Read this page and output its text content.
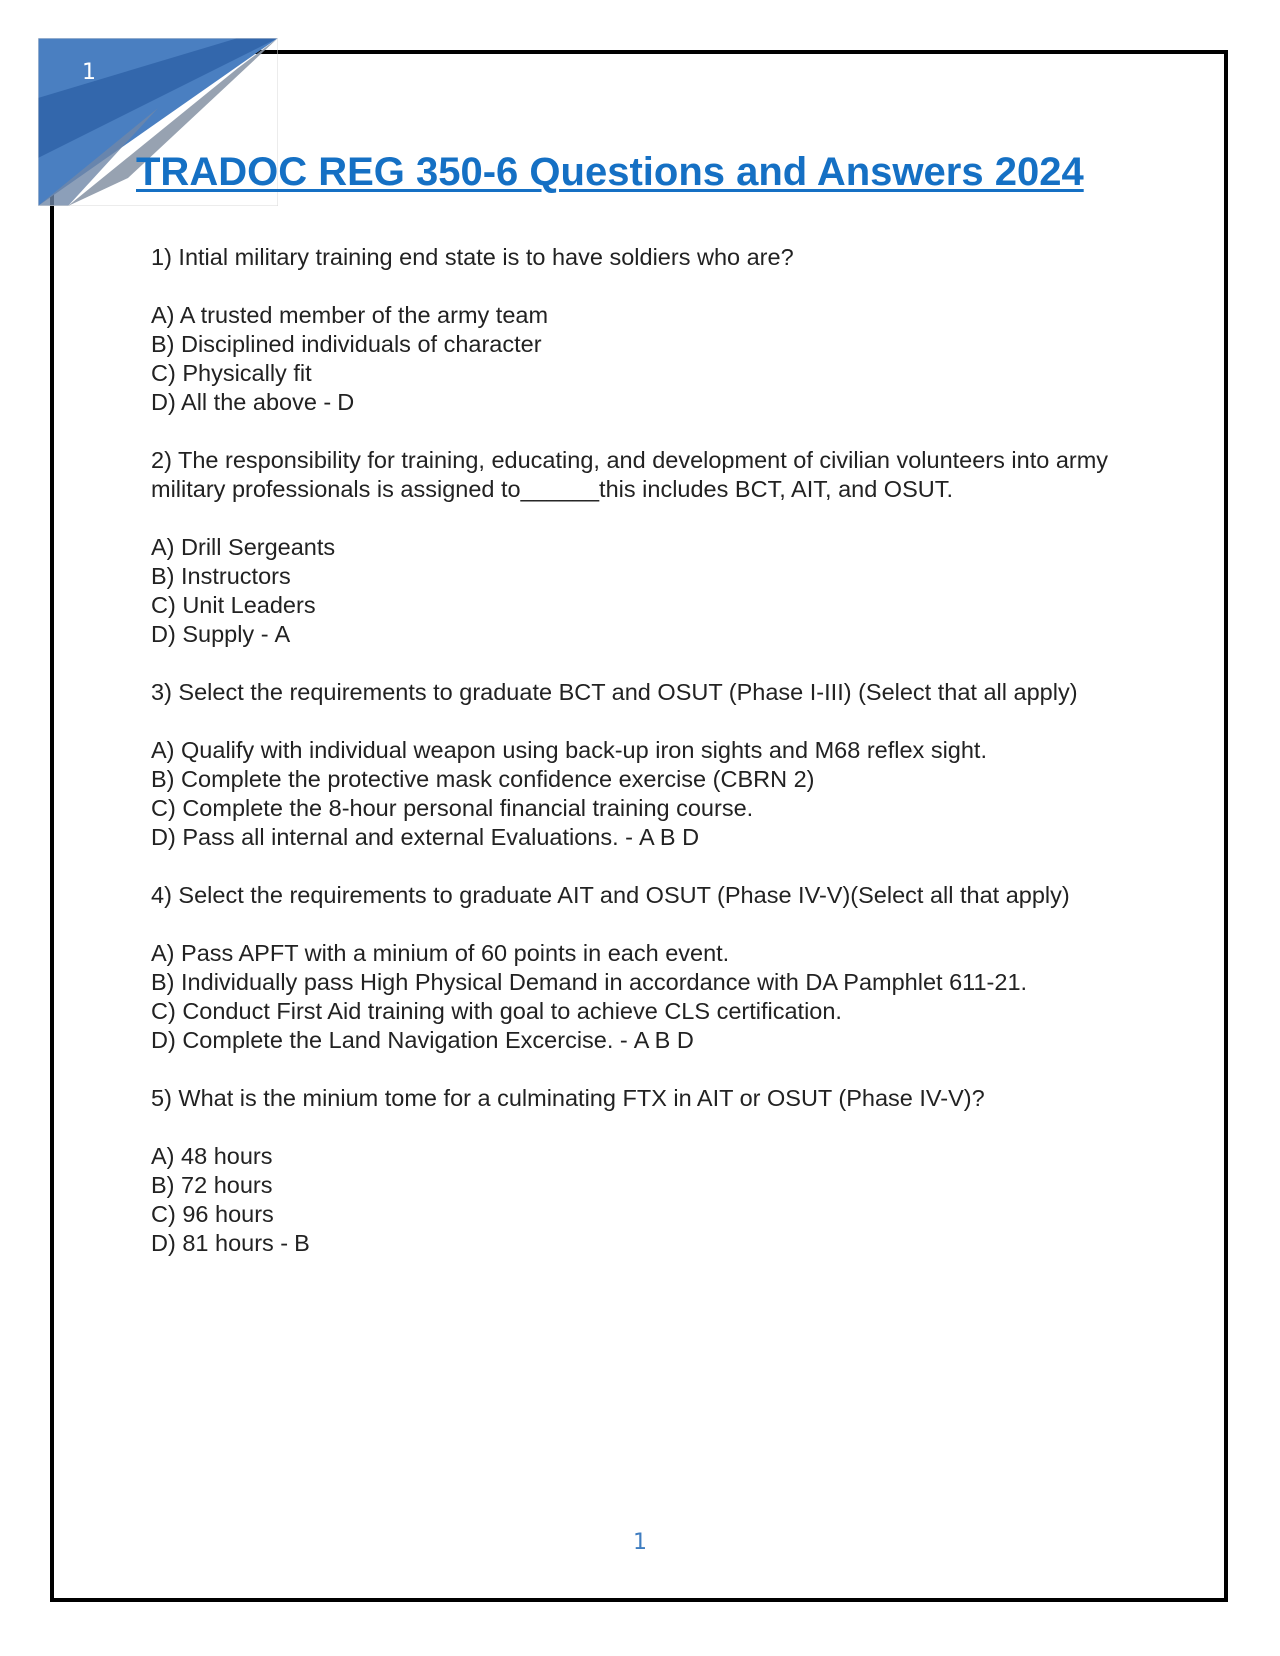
1
TRADOC REG 350-6 Questions and Answers 2024

1) Intial military training end state is to have soldiers who are?

A) A trusted member of the army team
B) Disciplined individuals of character
C) Physically fit
D) All the above - D

2) The responsibility for training, educating, and development of civilian volunteers into army military professionals is assigned to______this includes BCT, AIT, and OSUT.

A) Drill Sergeants
B) Instructors
C) Unit Leaders
D) Supply - A

3) Select the requirements to graduate BCT and OSUT (Phase I-III) (Select that all apply)

A) Qualify with individual weapon using back-up iron sights and M68 reflex sight.
B) Complete the protective mask confidence exercise (CBRN 2)
C) Complete the 8-hour personal financial training course.
D) Pass all internal and external Evaluations. - A B D

4) Select the requirements to graduate AIT and OSUT (Phase IV-V)(Select all that apply)

A) Pass APFT with a minium of 60 points in each event.
B) Individually pass High Physical Demand in accordance with DA Pamphlet 611-21.
C) Conduct First Aid training with goal to achieve CLS certification.
D) Complete the Land Navigation Excercise. - A B D

5) What is the minium tome for a culminating FTX in AIT or OSUT (Phase IV-V)?

A) 48 hours
B) 72 hours
C) 96 hours
D) 81 hours - B
1
